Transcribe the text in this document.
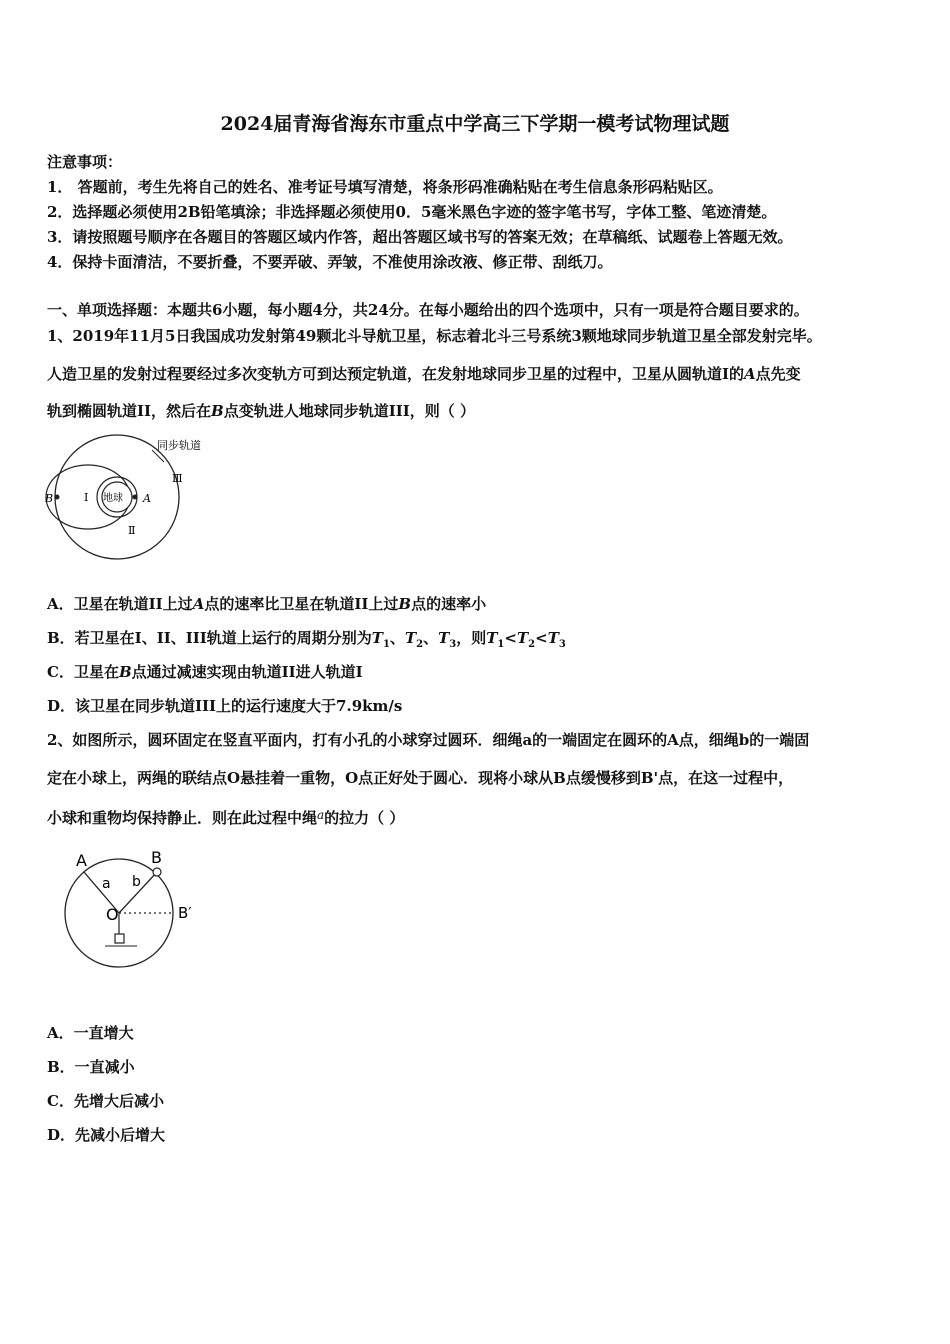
2024届青海省海东市重点中学高三下学期一模考试物理试题
注意事项：
1． 答题前，考生先将自己的姓名、准考证号填写清楚，将条形码准确粘贴在考生信息条形码粘贴区。
2．选择题必须使用2B铅笔填涂；非选择题必须使用0．5毫米黑色字迹的签字笔书写，字体工整、笔迹清楚。
3．请按照题号顺序在各题目的答题区域内作答，超出答题区域书写的答案无效；在草稿纸、试题卷上答题无效。
4．保持卡面清洁，不要折叠，不要弄破、弄皱，不准使用涂改液、修正带、刮纸刀。
一、单项选择题：本题共6小题，每小题4分，共24分。在每小题给出的四个选项中，只有一项是符合题目要求的。
1、2019年11月5日我国成功发射第49颗北斗导航卫星，标志着北斗三号系统3颗地球同步轨道卫星全部发射完毕。
人造卫星的发射过程要经过多次变轨方可到达预定轨道，在发射地球同步卫星的过程中，卫星从圆轨道I的A点先变
轨到椭圆轨道II，然后在B点变轨进人地球同步轨道III，则（ ）
同步轨道
地球
B	A
I
Ⅱ
Ⅲ
A．卫星在轨道II上过A点的速率比卫星在轨道II上过B点的速率小
B．若卫星在I、II、III轨道上运行的周期分别为$T_1$、$T_2$、$T_3$，则$T_1<T_2<T_3$
C．卫星在B点通过减速实现由轨道II进人轨道I
D．该卫星在同步轨道III上的运行速度大于7.9km/s
2、如图所示，圆环固定在竖直平面内，打有小孔的小球穿过圆环．细绳a的一端固定在圆环的A点，细绳b的一端固
定在小球上，两绳的联结点O悬挂着一重物，O点正好处于圆心．现将小球从B点缓慢移到B'点，在这一过程中，
小球和重物均保持静止．则在此过程中绳$^a$的拉力（ ）
A	B
a b
O	B′
A．一直增大
B．一直减小
C．先增大后减小
D．先减小后增大
